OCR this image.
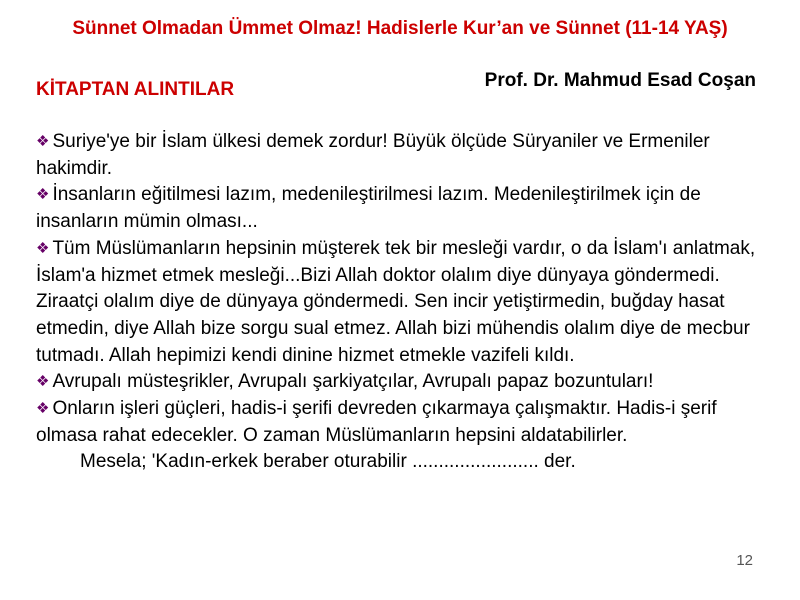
Sünnet Olmadan Ümmet Olmaz! Hadislerle Kur’an ve Sünnet (11-14 YAŞ)
Prof. Dr. Mahmud Esad Coşan
KİTAPTAN ALINTILAR

❖ Suriye'ye bir İslam ülkesi demek zordur! Büyük ölçüde Süryaniler ve Ermeniler hakimdir.

❖ İnsanların eğitilmesi lazım, medenileştirilmesi lazım. Medenileştirilmek için de insanların mümin olması...

❖ Tüm Müslümanların hepsinin müşterek tek bir mesleği vardır, o da İslam'ı anlatmak, İslam'a hizmet etmek mesleği...Bizi Allah doktor olalım diye dünyaya göndermedi. Ziraatçi olalım diye de dünyaya göndermedi. Sen incir yetiştirmedin, buğday hasat etmedin, diye Allah bize sorgu sual etmez. Allah bizi mühendis olalım diye de mecbur tutmadı. Allah hepimizi kendi dinine hizmet etmekle vazifeli kıldı.

❖ Avrupalı müsteşrikler, Avrupalı şarkiyatçılar, Avrupalı papaz bozuntuları!

❖ Onların işleri güçleri, hadis-i şerifi devreden çıkarmaya çalışmaktır. Hadis-i şerif olmasa rahat edecekler. O zaman Müslümanların hepsini aldatabilirler.

Mesela; 'Kadın-erkek beraber oturabilir ........................ der.

12
